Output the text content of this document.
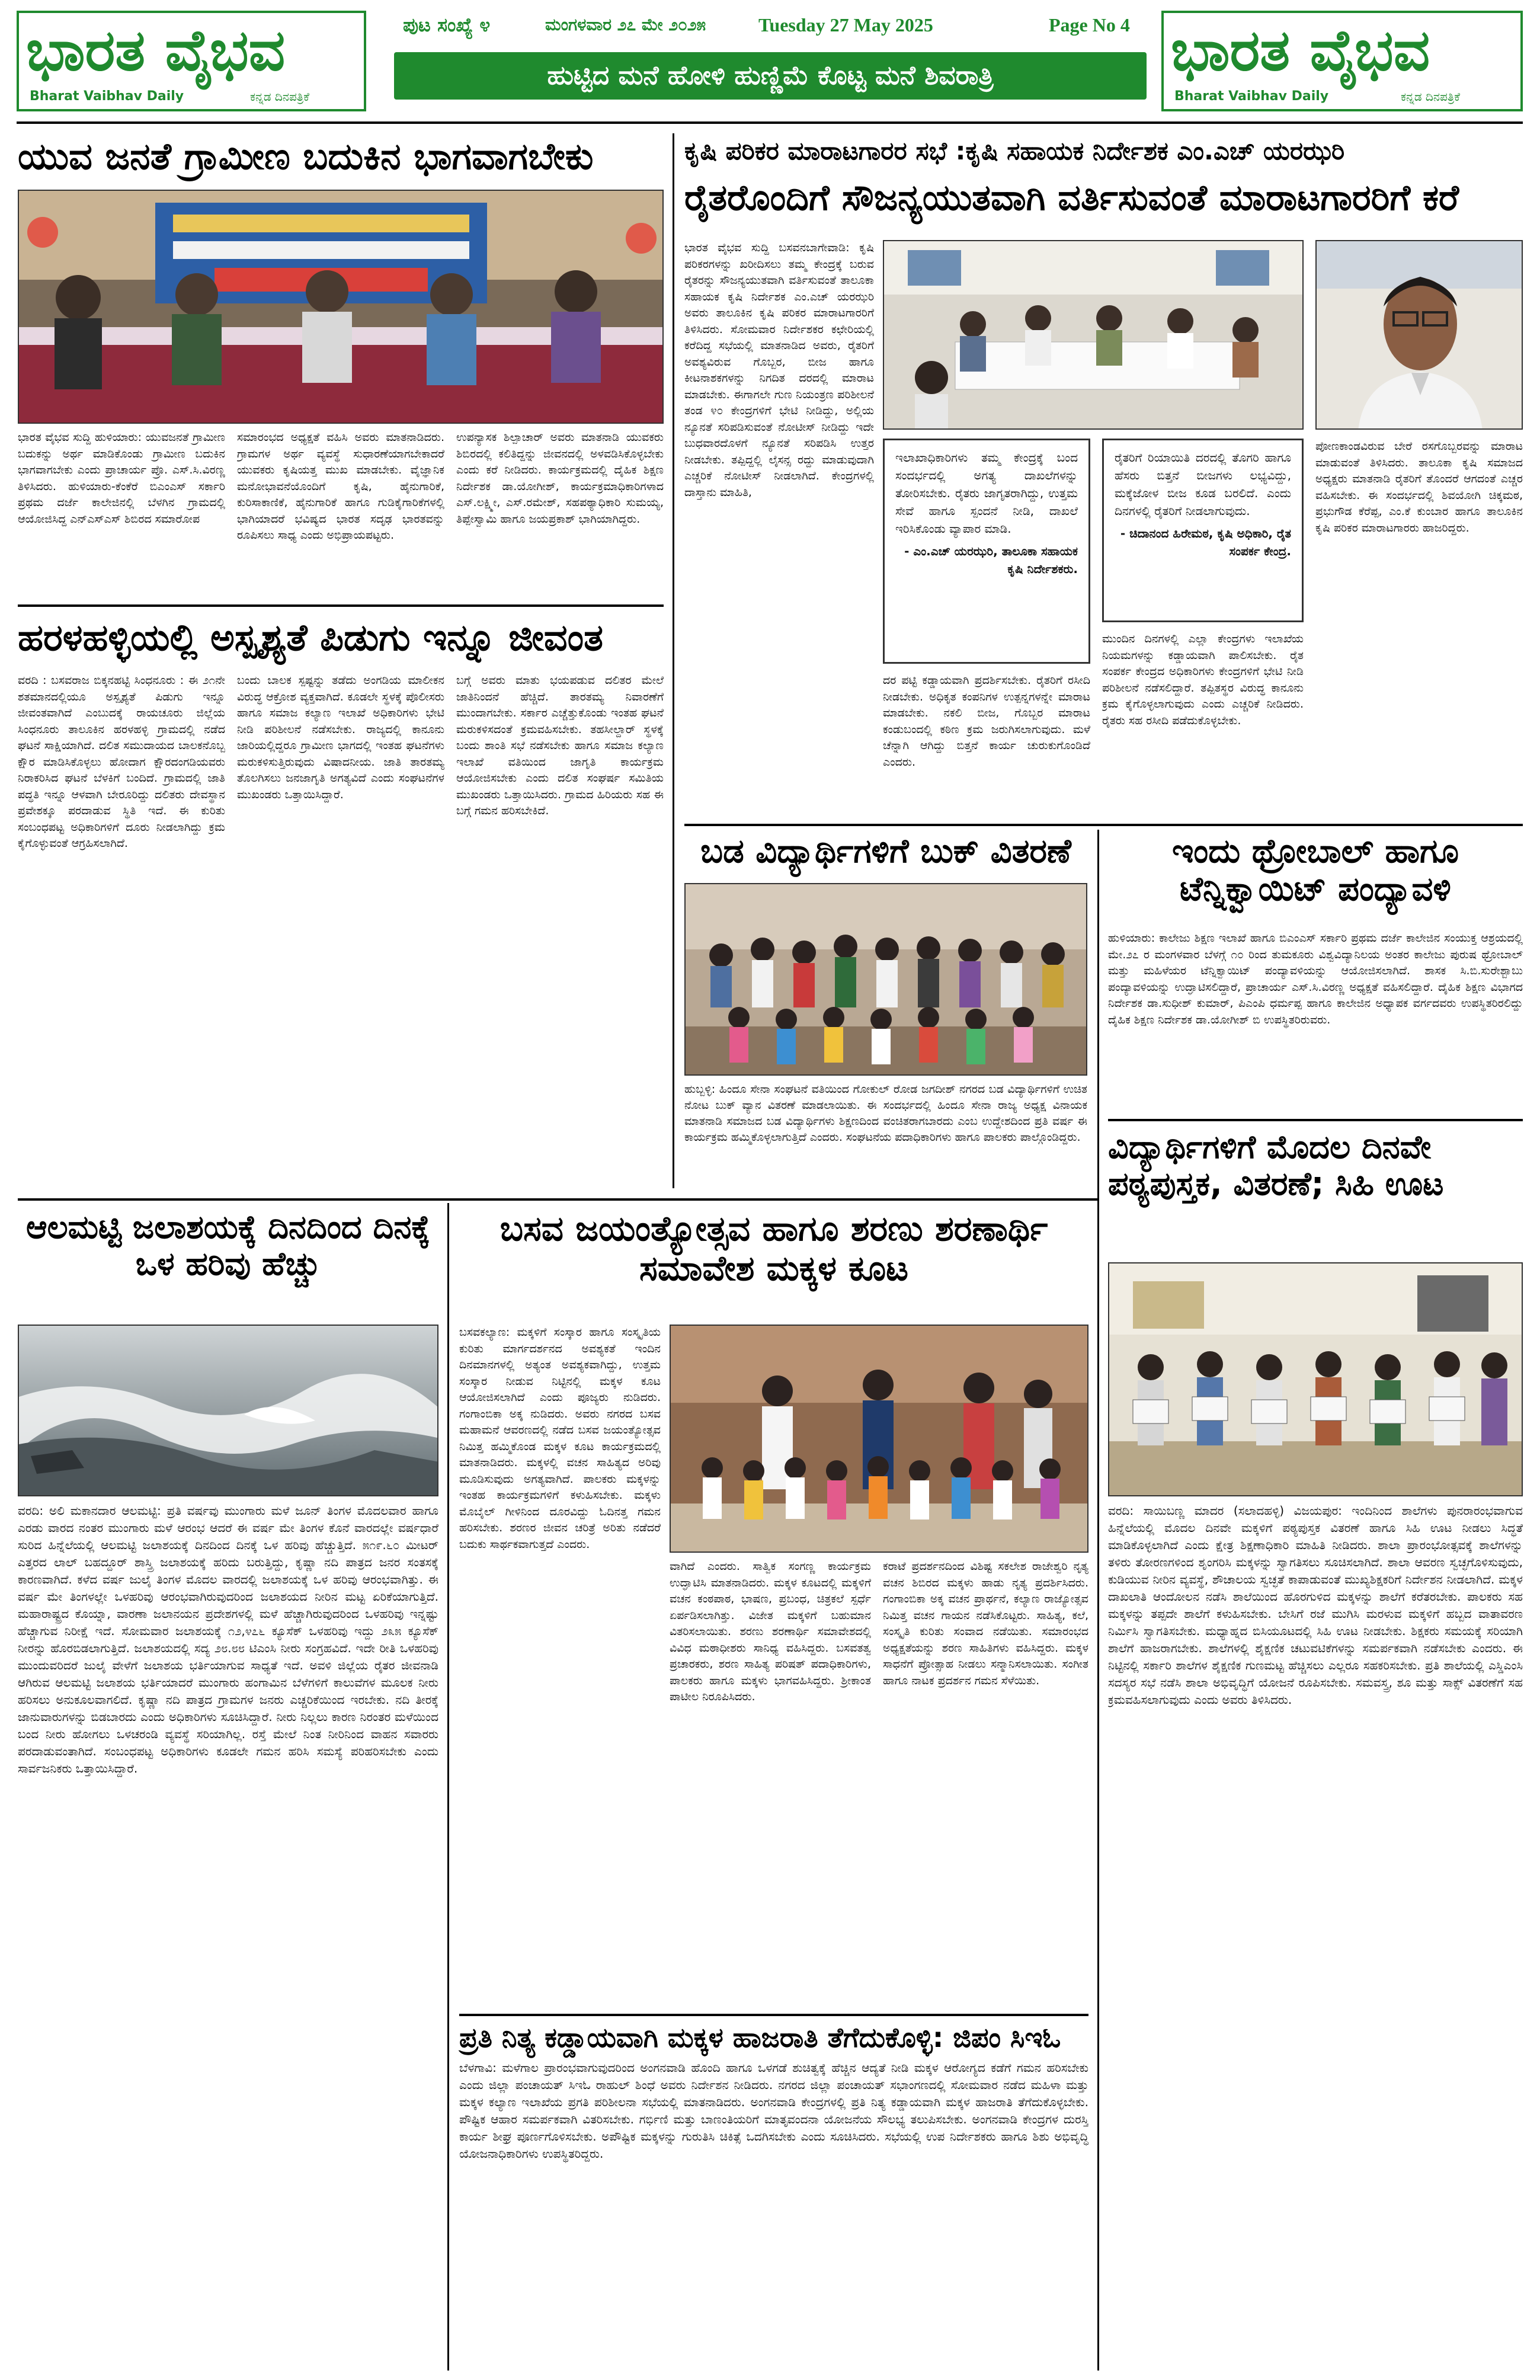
ಭಾರತ ವೈಭವ
Bharat Vaibhav Daily	ಕನ್ನಡ ದಿನಪತ್ರಿಕೆ
ಪುಟ ಸಂಖ್ಯೆ ೪	ಮಂಗಳವಾರ ೨೭ ಮೇ ೨೦೨೫	Tuesday 27 May 2025	Page No 4
ಹುಟ್ಟಿದ ಮನೆ ಹೋಳಿ ಹುಣ್ಣಿಮೆ ಕೊಟ್ಟ ಮನೆ ಶಿವರಾತ್ರಿ	ಭಾರತ ವೈಭವ
Bharat Vaibhav Daily	ಕನ್ನಡ ದಿನಪತ್ರಿಕೆ
ಯುವ ಜನತೆ ಗ್ರಾಮೀಣ ಬದುಕಿನ ಭಾಗವಾಗಬೇಕು
ಭಾರತ ವೈಭವ ಸುದ್ದಿ ಹುಳಿಯಾರು: ಯುವಜನತೆ ಗ್ರಾಮೀಣ ಬದುಕನ್ನು ಅರ್ಥ ಮಾಡಿಕೊಂಡು ಗ್ರಾಮೀಣ ಬದುಕಿನ ಭಾಗವಾಗಬೇಕು ಎಂದು ಪ್ರಾಚಾರ್ಯ ಪ್ರೊ. ಎಸ್.ಸಿ.ವಿರಣ್ಣ ತಿಳಿಸಿದರು. ಹುಳಿಯಾರು-ಕೆಂಕೆರೆ ಬಿಎಂಎಸ್ ಸರ್ಕಾರಿ ಪ್ರಥಮ ದರ್ಜೆ ಕಾಲೇಜಿನಲ್ಲಿ ಬೆಳಗಿನ ಗ್ರಾಮದಲ್ಲಿ ಆಯೋಜಿಸಿದ್ದ ಎನ್ಎಸ್ಎಸ್ ಶಿಬಿರದ ಸಮಾರೋಪ
ಸಮಾರಂಭದ ಅಧ್ಯಕ್ಷತೆ ವಹಿಸಿ ಅವರು ಮಾತನಾಡಿದರು. ಗ್ರಾಮಗಳ ಅರ್ಥ ವ್ಯವಸ್ಥೆ ಸುಧಾರಣೆಯಾಗಬೇಕಾದರೆ ಯುವಕರು ಕೃಷಿಯತ್ತ ಮುಖ ಮಾಡಬೇಕು. ವೈಜ್ಞಾನಿಕ ಮನೋಭಾವನೆಯೊಂದಿಗೆ ಕೃಷಿ, ಹೈನುಗಾರಿಕೆ, ಕುರಿಸಾಕಾಣಿಕೆ, ಹೈನುಗಾರಿಕೆ ಹಾಗೂ ಗುಡಿಕೈಗಾರಿಕೆಗಳಲ್ಲಿ ಭಾಗಿಯಾದರೆ ಭವಿಷ್ಯದ ಭಾರತ ಸದೃಢ ಭಾರತವನ್ನು ರೂಪಿಸಲು ಸಾಧ್ಯ ಎಂದು ಅಭಿಪ್ರಾಯಪಟ್ಟರು.
ಉಪನ್ಯಾಸಕ ಶಿಲ್ಪಾಚಾರ್ ಅವರು ಮಾತನಾಡಿ ಯುವಕರು ಶಿಬಿರದಲ್ಲಿ ಕಲಿತಿದ್ದನ್ನು ಜೀವನದಲ್ಲಿ ಅಳವಡಿಸಿಕೊಳ್ಳಬೇಕು ಎಂದು ಕರೆ ನೀಡಿದರು. ಕಾರ್ಯಕ್ರಮದಲ್ಲಿ ದೈಹಿಕ ಶಿಕ್ಷಣ ನಿರ್ದೇಶಕ ಡಾ.ಯೋಗೀಶ್, ಕಾರ್ಯಕ್ರಮಾಧಿಕಾರಿಗಳಾದ ಎಸ್.ಲಕ್ಷ್ಮೀ, ಎಸ್.ರಮೇಶ್, ಸಹಪಠ್ಯಾಧಿಕಾರಿ ಸುಮಯ್ಯ, ತಿಪ್ಪೇಸ್ವಾಮಿ ಹಾಗೂ ಜಯಪ್ರಕಾಶ್ ಭಾಗಿಯಾಗಿದ್ದರು.
ಹರಳಹಳ್ಳಿಯಲ್ಲಿ ಅಸ್ಪೃಶ್ಯತೆ ಪಿಡುಗು ಇನ್ನೂ ಜೀವಂತ
ವರದಿ : ಬಸವರಾಜ ಬಿಕ್ಕನಹಟ್ಟಿ ಸಿಂಧನೂರು : ಈ ೨೧ನೇ ಶತಮಾನದಲ್ಲಿಯೂ ಅಸ್ಪೃಶ್ಯತೆ ಪಿಡುಗು ಇನ್ನೂ ಜೀವಂತವಾಗಿದೆ ಎಂಬುದಕ್ಕೆ ರಾಯಚೂರು ಜಿಲ್ಲೆಯ ಸಿಂಧನೂರು ತಾಲೂಕಿನ ಹರಳಹಳ್ಳಿ ಗ್ರಾಮದಲ್ಲಿ ನಡೆದ ಘಟನೆ ಸಾಕ್ಷಿಯಾಗಿದೆ. ದಲಿತ ಸಮುದಾಯದ ಬಾಲಕನೊಬ್ಬ ಕ್ಷೌರ ಮಾಡಿಸಿಕೊಳ್ಳಲು ಹೋದಾಗ ಕ್ಷೌರದಂಗಡಿಯವರು ನಿರಾಕರಿಸಿದ ಘಟನೆ ಬೆಳಕಿಗೆ ಬಂದಿದೆ. ಗ್ರಾಮದಲ್ಲಿ ಜಾತಿ ಪದ್ಧತಿ ಇನ್ನೂ ಆಳವಾಗಿ ಬೇರೂರಿದ್ದು ದಲಿತರು ದೇವಸ್ಥಾನ ಪ್ರವೇಶಕ್ಕೂ ಪರದಾಡುವ ಸ್ಥಿತಿ ಇದೆ. ಈ ಕುರಿತು ಸಂಬಂಧಪಟ್ಟ ಅಧಿಕಾರಿಗಳಿಗೆ ದೂರು ನೀಡಲಾಗಿದ್ದು ಕ್ರಮ ಕೈಗೊಳ್ಳುವಂತೆ ಆಗ್ರಹಿಸಲಾಗಿದೆ.
ಬಂದು ಬಾಲಕ ಸ್ಪಷ್ಟನ್ನು ತಡೆದು ಅಂಗಡಿಯ ಮಾಲೀಕನ ವಿರುದ್ಧ ಆಕ್ರೋಶ ವ್ಯಕ್ತವಾಗಿದೆ. ಕೂಡಲೇ ಸ್ಥಳಕ್ಕೆ ಪೊಲೀಸರು ಹಾಗೂ ಸಮಾಜ ಕಲ್ಯಾಣ ಇಲಾಖೆ ಅಧಿಕಾರಿಗಳು ಭೇಟಿ ನೀಡಿ ಪರಿಶೀಲನೆ ನಡೆಸಬೇಕು. ರಾಜ್ಯದಲ್ಲಿ ಕಾನೂನು ಜಾರಿಯಲ್ಲಿದ್ದರೂ ಗ್ರಾಮೀಣ ಭಾಗದಲ್ಲಿ ಇಂತಹ ಘಟನೆಗಳು ಮರುಕಳಿಸುತ್ತಿರುವುದು ವಿಷಾದನೀಯ. ಜಾತಿ ತಾರತಮ್ಯ ತೊಲಗಿಸಲು ಜನಜಾಗೃತಿ ಅಗತ್ಯವಿದೆ ಎಂದು ಸಂಘಟನೆಗಳ ಮುಖಂಡರು ಒತ್ತಾಯಿಸಿದ್ದಾರೆ.
ಬಗ್ಗೆ ಅವರು ಮಾತು ಭಯಪಡುವ ದಲಿತರ ಮೇಲೆ ಜಾತಿನಿಂದನೆ ಹೆಚ್ಚಿದೆ. ತಾರತಮ್ಯ ನಿವಾರಣೆಗೆ ಮುಂದಾಗಬೇಕು. ಸರ್ಕಾರ ಎಚ್ಚೆತ್ತುಕೊಂಡು ಇಂತಹ ಘಟನೆ ಮರುಕಳಿಸದಂತೆ ಕ್ರಮವಹಿಸಬೇಕು. ತಹಸೀಲ್ದಾರ್ ಸ್ಥಳಕ್ಕೆ ಬಂದು ಶಾಂತಿ ಸಭೆ ನಡೆಸಬೇಕು ಹಾಗೂ ಸಮಾಜ ಕಲ್ಯಾಣ ಇಲಾಖೆ ವತಿಯಿಂದ ಜಾಗೃತಿ ಕಾರ್ಯಕ್ರಮ ಆಯೋಜಿಸಬೇಕು ಎಂದು ದಲಿತ ಸಂಘರ್ಷ ಸಮಿತಿಯ ಮುಖಂಡರು ಒತ್ತಾಯಿಸಿದರು. ಗ್ರಾಮದ ಹಿರಿಯರು ಸಹ ಈ ಬಗ್ಗೆ ಗಮನ ಹರಿಸಬೇಕಿದೆ.
ಕೃಷಿ ಪರಿಕರ ಮಾರಾಟಗಾರರ ಸಭೆ :ಕೃಷಿ ಸಹಾಯಕ ನಿರ್ದೇಶಕ ಎಂ.ಎಚ್ ಯರಝರಿ
ರೈತರೊಂದಿಗೆ ಸೌಜನ್ಯಯುತವಾಗಿ ವರ್ತಿಸುವಂತೆ ಮಾರಾಟಗಾರರಿಗೆ ಕರೆ
ಭಾರತ ವೈಭವ ಸುದ್ದಿ ಬಸವನಬಾಗೇವಾಡಿ: ಕೃಷಿ ಪರಿಕರಗಳನ್ನು ಖರೀದಿಸಲು ತಮ್ಮ ಕೇಂದ್ರಕ್ಕೆ ಬರುವ ರೈತರನ್ನು ಸೌಜನ್ಯಯುತವಾಗಿ ವರ್ತಿಸುವಂತೆ ತಾಲೂಕಾ ಸಹಾಯಕ ಕೃಷಿ ನಿರ್ದೇಶಕ ಎಂ.ಎಚ್ ಯರಝರಿ ಅವರು ತಾಲೂಕಿನ ಕೃಷಿ ಪರಿಕರ ಮಾರಾಟಗಾರರಿಗೆ ತಿಳಿಸಿದರು. ಸೋಮವಾರ ನಿರ್ದೇಶಕರ ಕಛೇರಿಯಲ್ಲಿ ಕರೆದಿದ್ದ ಸಭೆಯಲ್ಲಿ ಮಾತನಾಡಿದ ಅವರು, ರೈತರಿಗೆ ಅವಶ್ಯವಿರುವ ಗೊಬ್ಬರ, ಬೀಜ ಹಾಗೂ ಕೀಟನಾಶಕಗಳನ್ನು ನಿಗದಿತ ದರದಲ್ಲಿ ಮಾರಾಟ ಮಾಡಬೇಕು. ಈಗಾಗಲೇ ಗುಣ ನಿಯಂತ್ರಣ ಪರಿಶೀಲನೆ ತಂಡ ೪೦ ಕೇಂದ್ರಗಳಿಗೆ ಭೇಟಿ ನೀಡಿದ್ದು, ಅಲ್ಲಿಯ ನ್ಯೂನತೆ ಸರಿಪಡಿಸುವಂತೆ ನೋಟೀಸ್ ನೀಡಿದ್ದು ಇದೇ ಬುಧವಾರದೊಳಗೆ ನ್ಯೂನತೆ ಸರಿಪಡಿಸಿ ಉತ್ತರ ನೀಡಬೇಕು. ತಪ್ಪಿದ್ದಲ್ಲಿ ಲೈಸನ್ಸ ರದ್ದು ಮಾಡುವುದಾಗಿ ಎಚ್ಚರಿಕೆ ನೋಟೀಸ್ ನೀಡಲಾಗಿದೆ. ಕೇಂದ್ರಗಳಲ್ಲಿ ದಾಸ್ತಾನು ಮಾಹಿತಿ,
ಇಲಾಖಾಧಿಕಾರಿಗಳು ತಮ್ಮ ಕೇಂದ್ರಕ್ಕೆ ಬಂದ ಸಂದರ್ಭದಲ್ಲಿ ಅಗತ್ಯ ದಾಖಲೆಗಳನ್ನು ತೋರಿಸಬೇಕು. ರೈತರು ಜಾಗೃತರಾಗಿದ್ದು, ಉತ್ತಮ ಸೇವೆ ಹಾಗೂ ಸ್ಪಂದನೆ ನೀಡಿ, ದಾಖಲೆ ಇರಿಸಿಕೊಂಡು ವ್ಯಾಪಾರ ಮಾಡಿ.
- ಎಂ.ಎಚ್ ಯರಝರಿ, ತಾಲೂಕಾ ಸಹಾಯಕ ಕೃಷಿ ನಿರ್ದೇಶಕರು.
ರೈತರಿಗೆ ರಿಯಾಯಿತಿ ದರದಲ್ಲಿ ತೊಗರಿ ಹಾಗೂ ಹೆಸರು ಬಿತ್ತನೆ ಬೀಜಗಳು ಲಭ್ಯವಿದ್ದು, ಮಕ್ಕೆಜೋಳ ಬೀಜ ಕೂಡ ಬರಲಿದೆ. ಎಂದು ದಿನಗಳಲ್ಲಿ ರೈತರಿಗೆ ನೀಡಲಾಗುವುದು.
- ಚಿದಾನಂದ ಹಿರೇಮಠ, ಕೃಷಿ ಅಧಿಕಾರಿ, ರೈತ ಸಂಪರ್ಕ ಕೇಂದ್ರ.
ಪೋಣಕಾಂಡವಿರುವ ಬೇರೆ ರಸಗೊಬ್ಬರವನ್ನು ಮಾರಾಟ ಮಾಡುವಂತೆ ತಿಳಿಸಿದರು. ತಾಲೂಕಾ ಕೃಷಿ ಸಮಾಜದ ಅಧ್ಯಕ್ಷರು ಮಾತನಾಡಿ ರೈತರಿಗೆ ತೊಂದರೆ ಆಗದಂತೆ ಎಚ್ಚರ ವಹಿಸಬೇಕು. ಈ ಸಂದರ್ಭದಲ್ಲಿ ಶಿವಯೋಗಿ ಚಿಕ್ಕಮಠ, ಪ್ರಭುಗೌಡ ಕೆರೆಪ್ಪ, ಎಂ.ಕೆ ಕುಂಬಾರ ಹಾಗೂ ತಾಲೂಕಿನ ಕೃಷಿ ಪರಿಕರ ಮಾರಾಟಗಾರರು ಹಾಜರಿದ್ದರು.
ದರ ಪಟ್ಟಿ ಕಡ್ಡಾಯವಾಗಿ ಪ್ರದರ್ಶಿಸಬೇಕು. ರೈತರಿಗೆ ರಸೀದಿ ನೀಡಬೇಕು. ಅಧಿಕೃತ ಕಂಪನಿಗಳ ಉತ್ಪನ್ನಗಳನ್ನೇ ಮಾರಾಟ ಮಾಡಬೇಕು. ನಕಲಿ ಬೀಜ, ಗೊಬ್ಬರ ಮಾರಾಟ ಕಂಡುಬಂದಲ್ಲಿ ಕಠಿಣ ಕ್ರಮ ಜರುಗಿಸಲಾಗುವುದು. ಮಳೆ ಚೆನ್ನಾಗಿ ಆಗಿದ್ದು ಬಿತ್ತನೆ ಕಾರ್ಯ ಚುರುಕುಗೊಂಡಿದೆ ಎಂದರು.
ಮುಂದಿನ ದಿನಗಳಲ್ಲಿ ಎಲ್ಲಾ ಕೇಂದ್ರಗಳು ಇಲಾಖೆಯ ನಿಯಮಗಳನ್ನು ಕಡ್ಡಾಯವಾಗಿ ಪಾಲಿಸಬೇಕು. ರೈತ ಸಂಪರ್ಕ ಕೇಂದ್ರದ ಅಧಿಕಾರಿಗಳು ಕೇಂದ್ರಗಳಿಗೆ ಭೇಟಿ ನೀಡಿ ಪರಿಶೀಲನೆ ನಡೆಸಲಿದ್ದಾರೆ. ತಪ್ಪಿತಸ್ಥರ ವಿರುದ್ಧ ಕಾನೂನು ಕ್ರಮ ಕೈಗೊಳ್ಳಲಾಗುವುದು ಎಂದು ಎಚ್ಚರಿಕೆ ನೀಡಿದರು. ರೈತರು ಸಹ ರಸೀದಿ ಪಡೆದುಕೊಳ್ಳಬೇಕು.
ಬಡ ವಿದ್ಯಾರ್ಥಿಗಳಿಗೆ ಬುಕ್ ವಿತರಣೆ
ಹುಬ್ಬಳ್ಳಿ: ಹಿಂದೂ ಸೇನಾ ಸಂಘಟನೆ ವತಿಯಿಂದ ಗೋಕುಲ್ ರೋಡ ಜಗದೀಶ್ ನಗರದ ಬಡ ವಿದ್ಯಾರ್ಥಿಗಳಿಗೆ ಉಚಿತ ನೋಟ ಬುಕ್ ವ್ಯಾನ ವಿತರಣೆ ಮಾಡಲಾಯಿತು. ಈ ಸಂದರ್ಭದಲ್ಲಿ ಹಿಂದೂ ಸೇನಾ ರಾಜ್ಯ ಅಧ್ಯಕ್ಷ ವಿನಾಯಕ ಮಾತನಾಡಿ ಸಮಾಜದ ಬಡ ವಿದ್ಯಾರ್ಥಿಗಳು ಶಿಕ್ಷಣದಿಂದ ವಂಚಿತರಾಗಬಾರದು ಎಂಬ ಉದ್ದೇಶದಿಂದ ಪ್ರತಿ ವರ್ಷ ಈ ಕಾರ್ಯಕ್ರಮ ಹಮ್ಮಿಕೊಳ್ಳಲಾಗುತ್ತಿದೆ ಎಂದರು. ಸಂಘಟನೆಯ ಪದಾಧಿಕಾರಿಗಳು ಹಾಗೂ ಪಾಲಕರು ಪಾಲ್ಗೊಂಡಿದ್ದರು.
ಇಂದು ಥ್ರೋಬಾಲ್ ಹಾಗೂ ಟೆನ್ನಿಕ್ವಾಯಿಟ್ ಪಂದ್ಯಾವಳಿ
ಹುಳಿಯಾರು: ಕಾಲೇಜು ಶಿಕ್ಷಣ ಇಲಾಖೆ ಹಾಗೂ ಬಿಎಂಎಸ್ ಸರ್ಕಾರಿ ಪ್ರಥಮ ದರ್ಜೆ ಕಾಲೇಜಿನ ಸಂಯುಕ್ತ ಆಶ್ರಯದಲ್ಲಿ ಮೇ.೨೭ ರ ಮಂಗಳವಾರ ಬೆಳಗ್ಗೆ ೧೦ ರಿಂದ ತುಮಕೂರು ವಿಶ್ವವಿದ್ಯಾನಿಲಯ ಅಂತರ ಕಾಲೇಜು ಪುರುಷ ಥ್ರೋಬಾಲ್ ಮತ್ತು ಮಹಿಳೆಯರ ಟೆನ್ನಿಕ್ವಾಯಿಟ್ ಪಂದ್ಯಾವಳಿಯನ್ನು ಆಯೋಜಿಸಲಾಗಿದೆ. ಶಾಸಕ ಸಿ.ಬಿ.ಸುರೇಶ್ಬಾಬು ಪಂದ್ಯಾವಳಿಯನ್ನು ಉದ್ಘಾಟಿಸಲಿದ್ದಾರೆ, ಪ್ರಾಚಾರ್ಯ ಎಸ್.ಸಿ.ವಿರಣ್ಣ ಅಧ್ಯಕ್ಷತೆ ವಹಿಸಲಿದ್ದಾರೆ. ದೈಹಿಕ ಶಿಕ್ಷಣ ವಿಭಾಗದ ನಿರ್ದೇಶಕ ಡಾ.ಸುಧೀಶ್ ಕುಮಾರ್, ಪಿಎಂಪಿ ಧರ್ಮಪ್ಪ ಹಾಗೂ ಕಾಲೇಜಿನ ಅಧ್ಯಾಪಕ ವರ್ಗದವರು ಉಪಸ್ಥಿತರಿರಲಿದ್ದು ದೈಹಿಕ ಶಿಕ್ಷಣ ನಿರ್ದೇಶಕ ಡಾ.ಯೋಗೀಶ್ ಬಿ ಉಪಸ್ಥಿತರಿರುವರು.
ವಿದ್ಯಾರ್ಥಿಗಳಿಗೆ ಮೊದಲ ದಿನವೇ ಪಠ್ಯಪುಸ್ತಕ, ವಿತರಣೆ; ಸಿಹಿ ಊಟ
ವರದಿ: ಸಾಯಿಬಣ್ಣ ಮಾದರ (ಸಲಾದಹಳ್ಳಿ) ವಿಜಯಪುರ: ಇಂದಿನಿಂದ ಶಾಲೆಗಳು ಪುನರಾರಂಭವಾಗುವ ಹಿನ್ನೆಲೆಯಲ್ಲಿ ಮೊದಲ ದಿನವೇ ಮಕ್ಕಳಿಗೆ ಪಠ್ಯಪುಸ್ತಕ ವಿತರಣೆ ಹಾಗೂ ಸಿಹಿ ಊಟ ನೀಡಲು ಸಿದ್ಧತೆ ಮಾಡಿಕೊಳ್ಳಲಾಗಿದೆ ಎಂದು ಕ್ಷೇತ್ರ ಶಿಕ್ಷಣಾಧಿಕಾರಿ ಮಾಹಿತಿ ನೀಡಿದರು. ಶಾಲಾ ಪ್ರಾರಂಭೋತ್ಸವಕ್ಕೆ ಶಾಲೆಗಳನ್ನು ತಳಿರು ತೋರಣಗಳಿಂದ ಶೃಂಗರಿಸಿ ಮಕ್ಕಳನ್ನು ಸ್ವಾಗತಿಸಲು ಸೂಚಿಸಲಾಗಿದೆ. ಶಾಲಾ ಆವರಣ ಸ್ವಚ್ಛಗೊಳಿಸುವುದು, ಕುಡಿಯುವ ನೀರಿನ ವ್ಯವಸ್ಥೆ, ಶೌಚಾಲಯ ಸ್ವಚ್ಛತೆ ಕಾಪಾಡುವಂತೆ ಮುಖ್ಯಶಿಕ್ಷಕರಿಗೆ ನಿರ್ದೇಶನ ನೀಡಲಾಗಿದೆ. ಮಕ್ಕಳ ದಾಖಲಾತಿ ಆಂದೋಲನ ನಡೆಸಿ ಶಾಲೆಯಿಂದ ಹೊರಗುಳಿದ ಮಕ್ಕಳನ್ನು ಶಾಲೆಗೆ ಕರೆತರಬೇಕು. ಪಾಲಕರು ಸಹ ಮಕ್ಕಳನ್ನು ತಪ್ಪದೇ ಶಾಲೆಗೆ ಕಳುಹಿಸಬೇಕು. ಬೇಸಿಗೆ ರಜೆ ಮುಗಿಸಿ ಮರಳುವ ಮಕ್ಕಳಿಗೆ ಹಬ್ಬದ ವಾತಾವರಣ ನಿರ್ಮಿಸಿ ಸ್ವಾಗತಿಸಬೇಕು. ಮಧ್ಯಾಹ್ನದ ಬಿಸಿಯೂಟದಲ್ಲಿ ಸಿಹಿ ಊಟ ನೀಡಬೇಕು. ಶಿಕ್ಷಕರು ಸಮಯಕ್ಕೆ ಸರಿಯಾಗಿ ಶಾಲೆಗೆ ಹಾಜರಾಗಬೇಕು. ಶಾಲೆಗಳಲ್ಲಿ ಶೈಕ್ಷಣಿಕ ಚಟುವಟಿಕೆಗಳನ್ನು ಸಮರ್ಪಕವಾಗಿ ನಡೆಸಬೇಕು ಎಂದರು. ಈ ನಿಟ್ಟಿನಲ್ಲಿ ಸರ್ಕಾರಿ ಶಾಲೆಗಳ ಶೈಕ್ಷಣಿಕ ಗುಣಮಟ್ಟ ಹೆಚ್ಚಿಸಲು ಎಲ್ಲರೂ ಸಹಕರಿಸಬೇಕು. ಪ್ರತಿ ಶಾಲೆಯಲ್ಲಿ ಎಸ್ಡಿಎಂಸಿ ಸದಸ್ಯರ ಸಭೆ ನಡೆಸಿ ಶಾಲಾ ಅಭಿವೃದ್ಧಿಗೆ ಯೋಜನೆ ರೂಪಿಸಬೇಕು. ಸಮವಸ್ತ್ರ, ಶೂ ಮತ್ತು ಸಾಕ್ಸ್ ವಿತರಣೆಗೆ ಸಹ ಕ್ರಮವಹಿಸಲಾಗುವುದು ಎಂದು ಅವರು ತಿಳಿಸಿದರು.
ಆಲಮಟ್ಟಿ ಜಲಾಶಯಕ್ಕೆ ದಿನದಿಂದ ದಿನಕ್ಕೆ ಒಳ ಹರಿವು ಹೆಚ್ಚು
ವರದಿ: ಅಲಿ ಮಕಾನದಾರ ಆಲಮಟ್ಟಿ: ಪ್ರತಿ ವರ್ಷವು ಮುಂಗಾರು ಮಳೆ ಜೂನ್ ತಿಂಗಳ ಮೊದಲವಾರ ಹಾಗೂ ಎರಡು ವಾರದ ನಂತರ ಮುಂಗಾರು ಮಳೆ ಆರಂಭ ಆದರೆ ಈ ವರ್ಷ ಮೇ ತಿಂಗಳ ಕೊನೆ ವಾರದಲ್ಲೇ ವರ್ಷಧಾರೆ ಸುರಿದ ಹಿನ್ನೆಲೆಯಲ್ಲಿ ಆಲಮಟ್ಟಿ ಜಲಾಶಯಕ್ಕೆ ದಿನದಿಂದ ದಿನಕ್ಕೆ ಒಳ ಹರಿವು ಹೆಚ್ಚುತ್ತಿದೆ. ೫೧೯.೬೦ ಮೀಟರ್ ಎತ್ತರದ ಲಾಲ್ ಬಹದ್ದೂರ್ ಶಾಸ್ತ್ರಿ ಜಲಾಶಯಕ್ಕೆ ಹರಿದು ಬರುತ್ತಿದ್ದು, ಕೃಷ್ಣಾ ನದಿ ಪಾತ್ರದ ಜನರ ಸಂತಸಕ್ಕೆ ಕಾರಣವಾಗಿದೆ. ಕಳೆದ ವರ್ಷ ಜುಲೈ ತಿಂಗಳ ಮೊದಲ ವಾರದಲ್ಲಿ ಜಲಾಶಯಕ್ಕೆ ಒಳ ಹರಿವು ಆರಂಭವಾಗಿತ್ತು. ಈ ವರ್ಷ ಮೇ ತಿಂಗಳಲ್ಲೇ ಒಳಹರಿವು ಆರಂಭವಾಗಿರುವುದರಿಂದ ಜಲಾಶಯದ ನೀರಿನ ಮಟ್ಟ ಏರಿಕೆಯಾಗುತ್ತಿದೆ. ಮಹಾರಾಷ್ಟ್ರದ ಕೊಯ್ನಾ, ವಾರಣಾ ಜಲಾನಯನ ಪ್ರದೇಶಗಳಲ್ಲಿ ಮಳೆ ಹೆಚ್ಚಾಗಿರುವುದರಿಂದ ಒಳಹರಿವು ಇನ್ನಷ್ಟು ಹೆಚ್ಚಾಗುವ ನಿರೀಕ್ಷೆ ಇದೆ. ಸೋಮವಾರ ಜಲಾಶಯಕ್ಕೆ ೧೨,೪೭೬ ಕ್ಯೂಸೆಕ್ ಒಳಹರಿವು ಇದ್ದು ೨೩೫ ಕ್ಯೂಸೆಕ್ ನೀರನ್ನು ಹೊರಬಿಡಲಾಗುತ್ತಿದೆ. ಜಲಾಶಯದಲ್ಲಿ ಸದ್ಯ ೨೮.೮೮ ಟಿಎಂಸಿ ನೀರು ಸಂಗ್ರಹವಿದೆ. ಇದೇ ರೀತಿ ಒಳಹರಿವು ಮುಂದುವರಿದರೆ ಜುಲೈ ವೇಳೆಗೆ ಜಲಾಶಯ ಭರ್ತಿಯಾಗುವ ಸಾಧ್ಯತೆ ಇದೆ. ಅವಳಿ ಜಿಲ್ಲೆಯ ರೈತರ ಜೀವನಾಡಿ ಆಗಿರುವ ಆಲಮಟ್ಟಿ ಜಲಾಶಯ ಭರ್ತಿಯಾದರೆ ಮುಂಗಾರು ಹಂಗಾಮಿನ ಬೆಳೆಗಳಿಗೆ ಕಾಲುವೆಗಳ ಮೂಲಕ ನೀರು ಹರಿಸಲು ಅನುಕೂಲವಾಗಲಿದೆ. ಕೃಷ್ಣಾ ನದಿ ಪಾತ್ರದ ಗ್ರಾಮಗಳ ಜನರು ಎಚ್ಚರಿಕೆಯಿಂದ ಇರಬೇಕು. ನದಿ ತೀರಕ್ಕೆ ಜಾನುವಾರುಗಳನ್ನು ಬಿಡಬಾರದು ಎಂದು ಅಧಿಕಾರಿಗಳು ಸೂಚಿಸಿದ್ದಾರೆ. ನೀರು ನಿಲ್ಲಲು ಕಾರಣ ನಿರಂತರ ಮಳೆಯಿಂದ ಬಂದ ನೀರು ಹೋಗಲು ಒಳಚರಂಡಿ ವ್ಯವಸ್ಥೆ ಸರಿಯಾಗಿಲ್ಲ. ರಸ್ತೆ ಮೇಲೆ ನಿಂತ ನೀರಿನಿಂದ ವಾಹನ ಸವಾರರು ಪರದಾಡುವಂತಾಗಿದೆ. ಸಂಬಂಧಪಟ್ಟ ಅಧಿಕಾರಿಗಳು ಕೂಡಲೇ ಗಮನ ಹರಿಸಿ ಸಮಸ್ಯೆ ಪರಿಹರಿಸಬೇಕು ಎಂದು ಸಾರ್ವಜನಿಕರು ಒತ್ತಾಯಿಸಿದ್ದಾರೆ.
ಬಸವ ಜಯಂತ್ಯೋತ್ಸವ ಹಾಗೂ ಶರಣು ಶರಣಾರ್ಥಿ ಸಮಾವೇಶ ಮಕ್ಕಳ ಕೂಟ
ಬಸವಕಲ್ಯಾಣ: ಮಕ್ಕಳಿಗೆ ಸಂಸ್ಕಾರ ಹಾಗೂ ಸಂಸ್ಕೃತಿಯ ಕುರಿತು ಮಾರ್ಗದರ್ಶನದ ಅವಶ್ಯಕತೆ ಇಂದಿನ ದಿನಮಾನಗಳಲ್ಲಿ ಅತ್ಯಂತ ಅವಶ್ಯಕವಾಗಿದ್ದು, ಉತ್ತಮ ಸಂಸ್ಕಾರ ನೀಡುವ ನಿಟ್ಟಿನಲ್ಲಿ ಮಕ್ಕಳ ಕೂಟ ಆಯೋಜಿಸಲಾಗಿದೆ ಎಂದು ಪೂಜ್ಯರು ನುಡಿದರು. ಗಂಗಾಂಬಿಕಾ ಅಕ್ಕ ನುಡಿದರು. ಅವರು ನಗರದ ಬಸವ ಮಹಾಮನೆ ಆವರಣದಲ್ಲಿ ನಡೆದ ಬಸವ ಜಯಂತ್ಯೋತ್ಸವ ನಿಮಿತ್ತ ಹಮ್ಮಿಕೊಂಡ ಮಕ್ಕಳ ಕೂಟ ಕಾರ್ಯಕ್ರಮದಲ್ಲಿ ಮಾತನಾಡಿದರು. ಮಕ್ಕಳಲ್ಲಿ ವಚನ ಸಾಹಿತ್ಯದ ಅರಿವು ಮೂಡಿಸುವುದು ಅಗತ್ಯವಾಗಿದೆ. ಪಾಲಕರು ಮಕ್ಕಳನ್ನು ಇಂತಹ ಕಾರ್ಯಕ್ರಮಗಳಿಗೆ ಕಳುಹಿಸಬೇಕು. ಮಕ್ಕಳು ಮೊಬೈಲ್ ಗೀಳಿನಿಂದ ದೂರವಿದ್ದು ಓದಿನತ್ತ ಗಮನ ಹರಿಸಬೇಕು. ಶರಣರ ಜೀವನ ಚರಿತ್ರೆ ಅರಿತು ನಡೆದರೆ ಬದುಕು ಸಾರ್ಥಕವಾಗುತ್ತದೆ ಎಂದರು.
ವಾಗಿದೆ ಎಂದರು. ಸಾತ್ವಿಕ ಸಂಗಣ್ಣ ಕಾರ್ಯಕ್ರಮ ಉದ್ಘಾಟಿಸಿ ಮಾತನಾಡಿದರು. ಮಕ್ಕಳ ಕೂಟದಲ್ಲಿ ಮಕ್ಕಳಿಗೆ ವಚನ ಕಂಠಪಾಠ, ಭಾಷಣ, ಪ್ರಬಂಧ, ಚಿತ್ರಕಲೆ ಸ್ಪರ್ಧೆ ಏರ್ಪಡಿಸಲಾಗಿತ್ತು. ವಿಜೇತ ಮಕ್ಕಳಿಗೆ ಬಹುಮಾನ ವಿತರಿಸಲಾಯಿತು. ಶರಣು ಶರಣಾರ್ಥಿ ಸಮಾವೇಶದಲ್ಲಿ ವಿವಿಧ ಮಠಾಧೀಶರು ಸಾನಿಧ್ಯ ವಹಿಸಿದ್ದರು. ಬಸವತತ್ವ ಪ್ರಚಾರಕರು, ಶರಣ ಸಾಹಿತ್ಯ ಪರಿಷತ್ ಪದಾಧಿಕಾರಿಗಳು, ಪಾಲಕರು ಹಾಗೂ ಮಕ್ಕಳು ಭಾಗವಹಿಸಿದ್ದರು. ಶ್ರೀಕಾಂತ ಪಾಟೀಲ ನಿರೂಪಿಸಿದರು.
ಕರಾಟೆ ಪ್ರದರ್ಶನದಿಂದ ವಿಶಿಷ್ಟ ಸಕಲೇಶ ರಾಜೇಶ್ವರಿ ನೃತ್ಯ ವಚನ ಶಿಬಿರದ ಮಕ್ಕಳು ಹಾಡು ನೃತ್ಯ ಪ್ರದರ್ಶಿಸಿದರು. ಗಂಗಾಂಬಿಕಾ ಅಕ್ಕ ವಚನ ಪ್ರಾರ್ಥನೆ, ಕಲ್ಯಾಣ ರಾಜ್ಯೋತ್ಸವ ನಿಮಿತ್ತ ವಚನ ಗಾಯನ ನಡೆಸಿಕೊಟ್ಟರು. ಸಾಹಿತ್ಯ, ಕಲೆ, ಸಂಸ್ಕೃತಿ ಕುರಿತು ಸಂವಾದ ನಡೆಯಿತು. ಸಮಾರಂಭದ ಅಧ್ಯಕ್ಷತೆಯನ್ನು ಶರಣ ಸಾಹಿತಿಗಳು ವಹಿಸಿದ್ದರು. ಮಕ್ಕಳ ಸಾಧನೆಗೆ ಪ್ರೋತ್ಸಾಹ ನೀಡಲು ಸನ್ಮಾನಿಸಲಾಯಿತು. ಸಂಗೀತ ಹಾಗೂ ನಾಟಕ ಪ್ರದರ್ಶನ ಗಮನ ಸೆಳೆಯಿತು.
ಪ್ರತಿ ನಿತ್ಯ ಕಡ್ಡಾಯವಾಗಿ ಮಕ್ಕಳ ಹಾಜರಾತಿ ತೆಗೆದುಕೊಳ್ಳಿ: ಜಿಪಂ ಸಿಇಓ
ಬೆಳಗಾವಿ: ಮಳೆಗಾಲ ಪ್ರಾರಂಭವಾಗುವುದರಿಂದ ಅಂಗನವಾಡಿ ಹೊಂದಿ ಹಾಗೂ ಒಳಗಡೆ ಶುಚಿತ್ವಕ್ಕೆ ಹೆಚ್ಚಿನ ಆದ್ಯತೆ ನೀಡಿ ಮಕ್ಕಳ ಆರೋಗ್ಯದ ಕಡೆಗೆ ಗಮನ ಹರಿಸಬೇಕು ಎಂದು ಜಿಲ್ಲಾ ಪಂಚಾಯತ್ ಸಿಇಓ ರಾಹುಲ್ ಶಿಂಧೆ ಅವರು ನಿರ್ದೇಶನ ನೀಡಿದರು. ನಗರದ ಜಿಲ್ಲಾ ಪಂಚಾಯತ್ ಸಭಾಂಗಣದಲ್ಲಿ ಸೋಮವಾರ ನಡೆದ ಮಹಿಳಾ ಮತ್ತು ಮಕ್ಕಳ ಕಲ್ಯಾಣ ಇಲಾಖೆಯ ಪ್ರಗತಿ ಪರಿಶೀಲನಾ ಸಭೆಯಲ್ಲಿ ಮಾತನಾಡಿದರು. ಅಂಗನವಾಡಿ ಕೇಂದ್ರಗಳಲ್ಲಿ ಪ್ರತಿ ನಿತ್ಯ ಕಡ್ಡಾಯವಾಗಿ ಮಕ್ಕಳ ಹಾಜರಾತಿ ತೆಗೆದುಕೊಳ್ಳಬೇಕು. ಪೌಷ್ಟಿಕ ಆಹಾರ ಸಮರ್ಪಕವಾಗಿ ವಿತರಿಸಬೇಕು. ಗರ್ಭಿಣಿ ಮತ್ತು ಬಾಣಂತಿಯರಿಗೆ ಮಾತೃವಂದನಾ ಯೋಜನೆಯ ಸೌಲಭ್ಯ ತಲುಪಿಸಬೇಕು. ಅಂಗನವಾಡಿ ಕೇಂದ್ರಗಳ ದುರಸ್ತಿ ಕಾರ್ಯ ಶೀಘ್ರ ಪೂರ್ಣಗೊಳಿಸಬೇಕು. ಅಪೌಷ್ಟಿಕ ಮಕ್ಕಳನ್ನು ಗುರುತಿಸಿ ಚಿಕಿತ್ಸೆ ಒದಗಿಸಬೇಕು ಎಂದು ಸೂಚಿಸಿದರು. ಸಭೆಯಲ್ಲಿ ಉಪ ನಿರ್ದೇಶಕರು ಹಾಗೂ ಶಿಶು ಅಭಿವೃದ್ಧಿ ಯೋಜನಾಧಿಕಾರಿಗಳು ಉಪಸ್ಥಿತರಿದ್ದರು.
